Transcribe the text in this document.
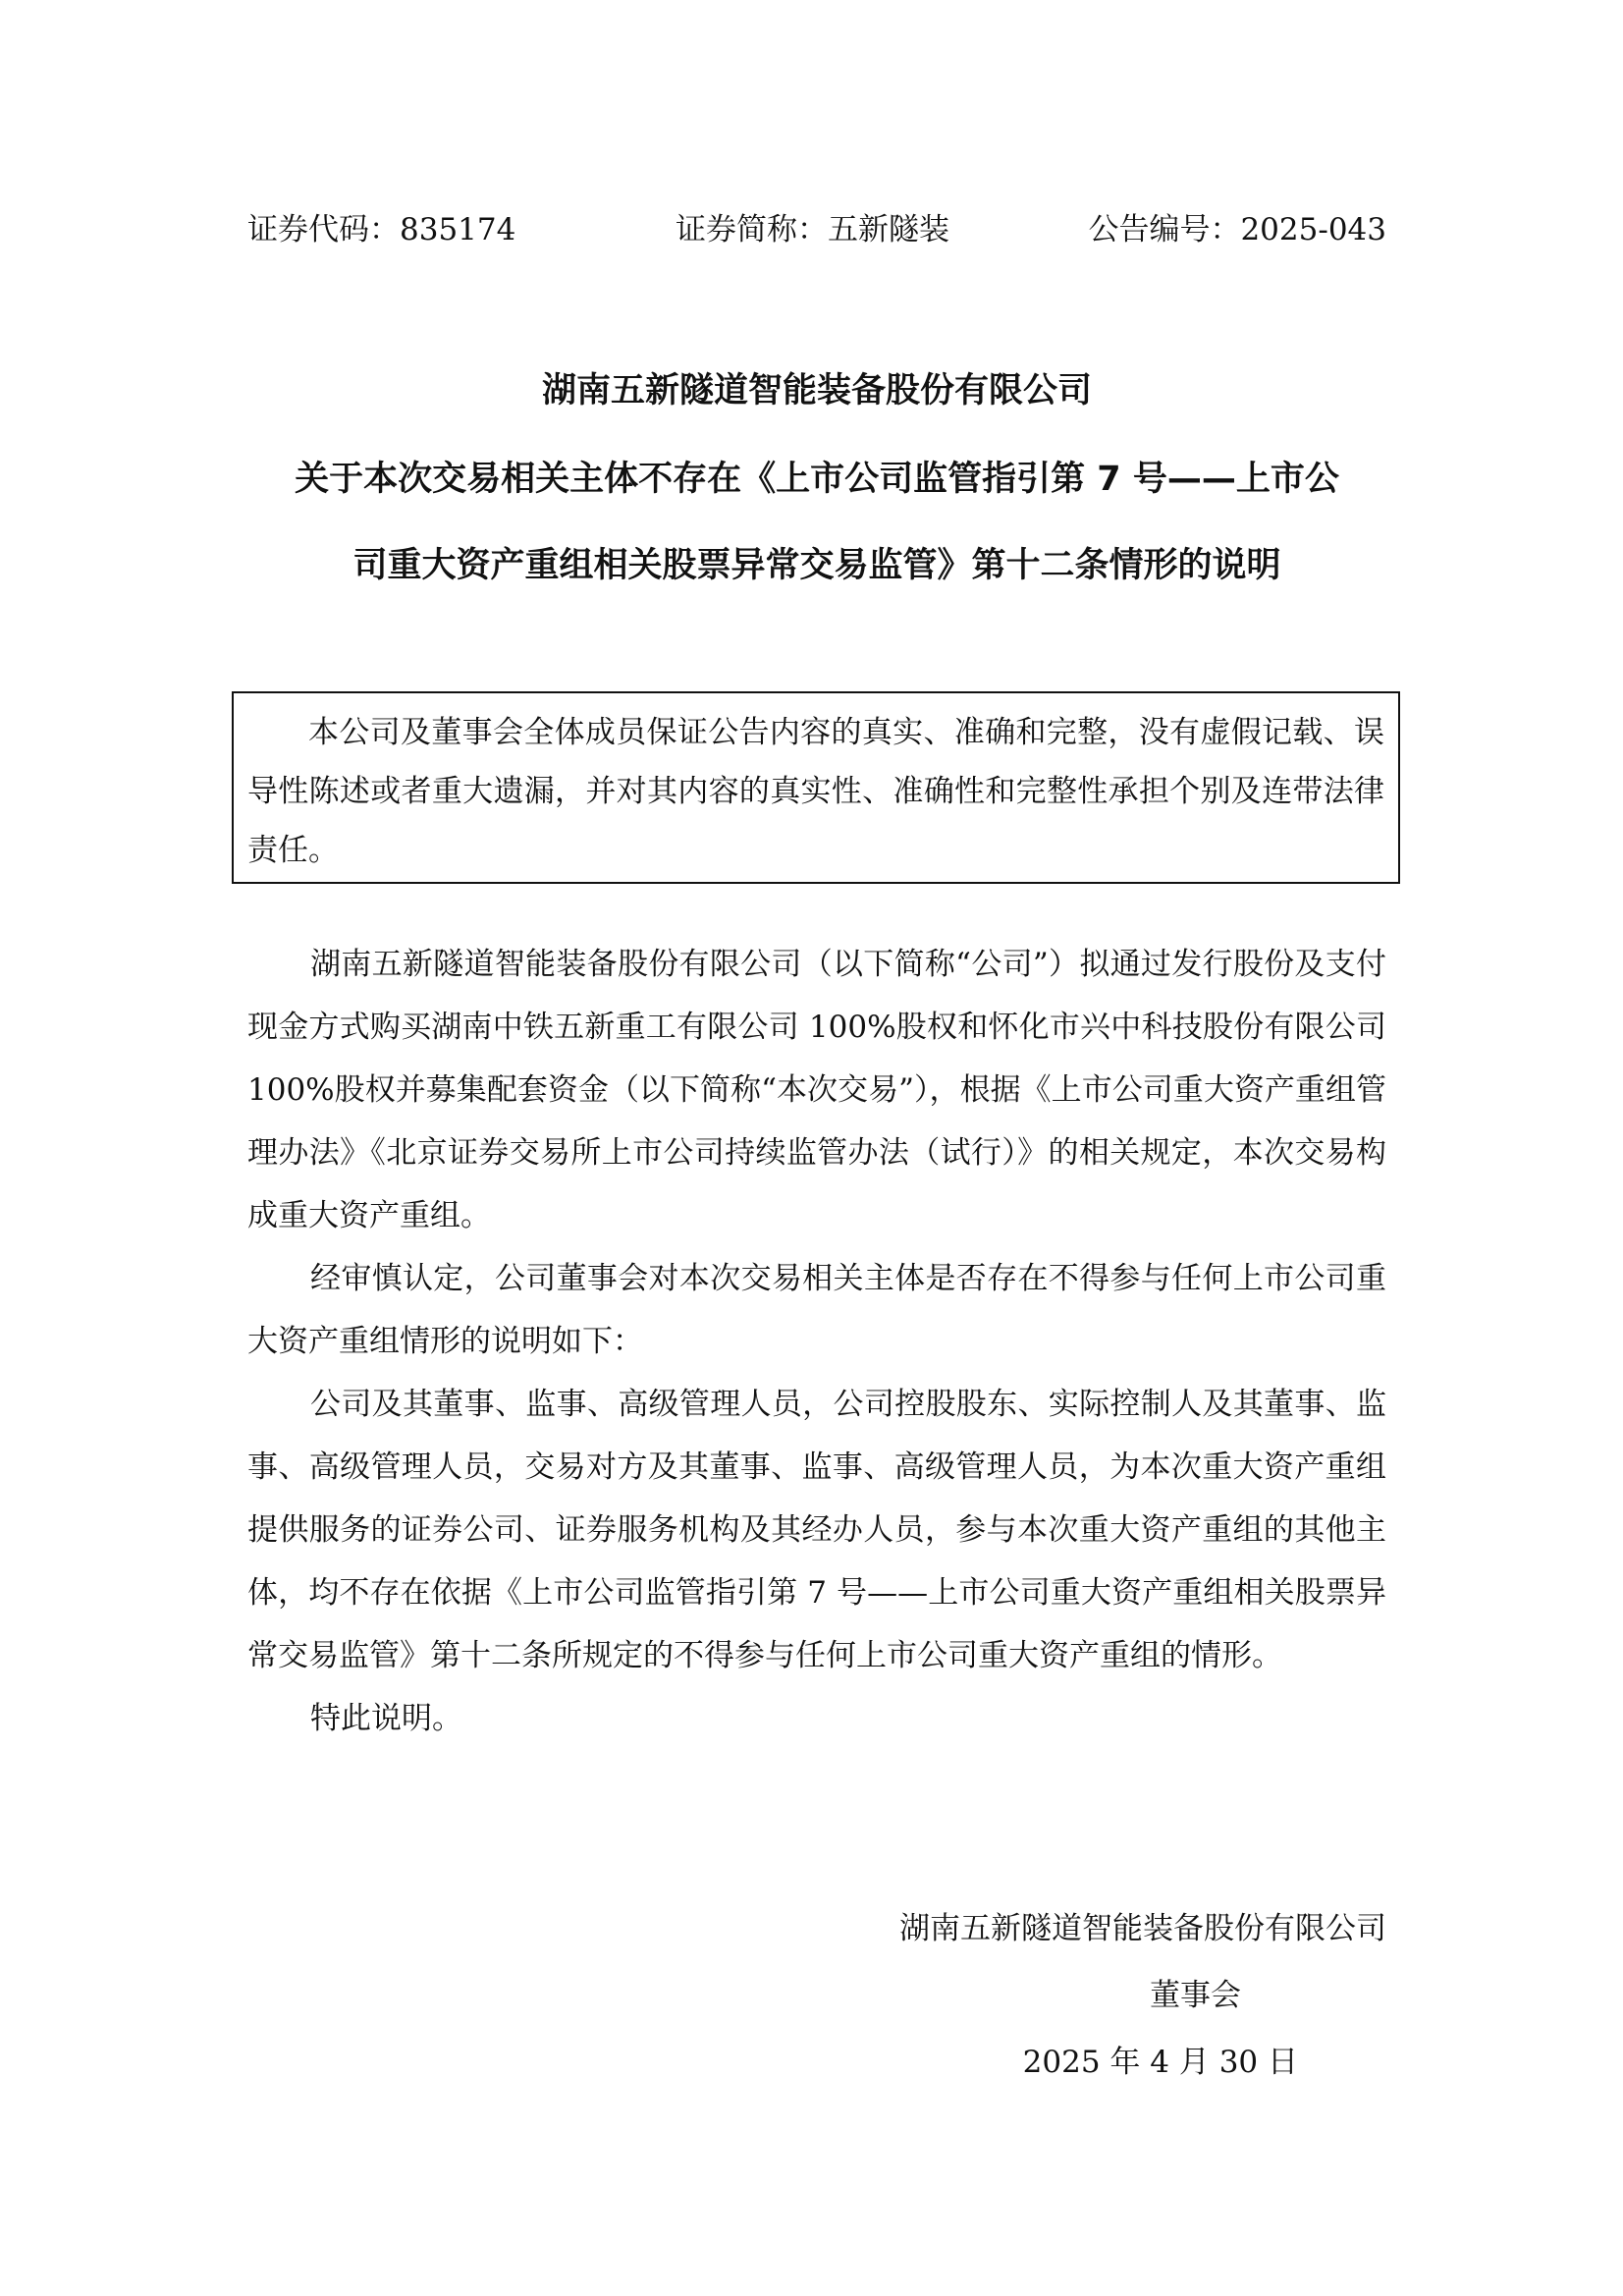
证券代码：835174	证券简称：五新隧装	公告编号：2025-043
湖南五新隧道智能装备股份有限公司
关于本次交易相关主体不存在《上市公司监管指引第 7 号——上市公
司重大资产重组相关股票异常交易监管》第十二条情形的说明

本公司及董事会全体成员保证公告内容的真实、准确和完整，没有虚假记载、误导性陈述或者重大遗漏，并对其内容的真实性、准确性和完整性承担个别及连带法律责任。

湖南五新隧道智能装备股份有限公司（以下简称“公司”）拟通过发行股份及支付现金方式购买湖南中铁五新重工有限公司 100%股权和怀化市兴中科技股份有限公司 100%股权并募集配套资金（以下简称“本次交易”），根据《上市公司重大资产重组管理办法》《北京证券交易所上市公司持续监管办法（试行）》的相关规定，本次交易构成重大资产重组。

经审慎认定，公司董事会对本次交易相关主体是否存在不得参与任何上市公司重大资产重组情形的说明如下：

公司及其董事、监事、高级管理人员，公司控股股东、实际控制人及其董事、监事、高级管理人员，交易对方及其董事、监事、高级管理人员，为本次重大资产重组提供服务的证券公司、证券服务机构及其经办人员，参与本次重大资产重组的其他主体，均不存在依据《上市公司监管指引第 7 号——上市公司重大资产重组相关股票异常交易监管》第十二条所规定的不得参与任何上市公司重大资产重组的情形。

特此说明。

湖南五新隧道智能装备股份有限公司
董事会
2025 年 4 月 30 日
